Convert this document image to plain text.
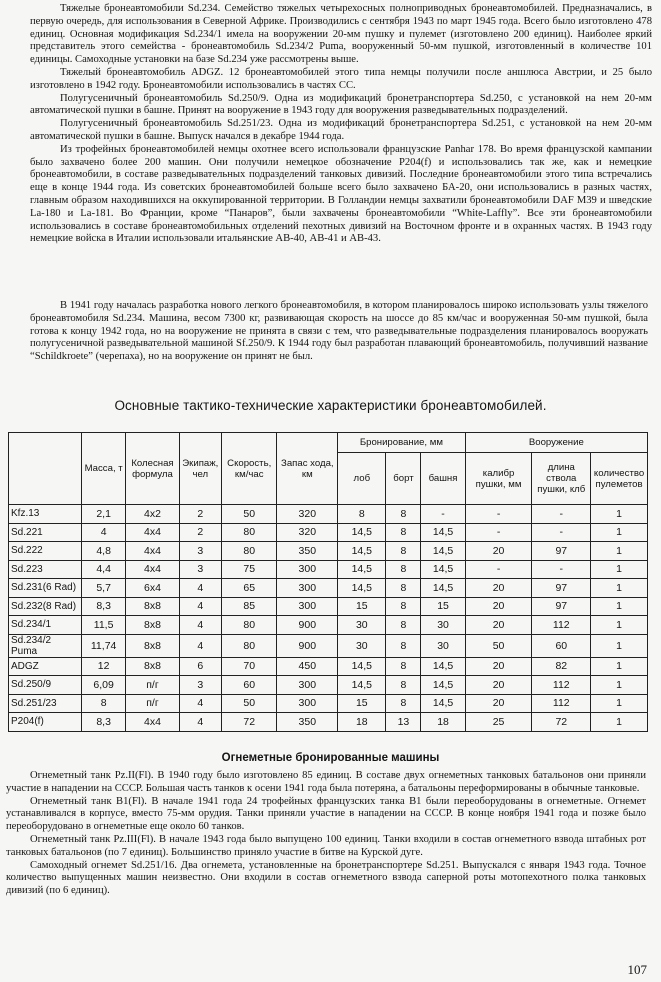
Тяжелые бронеавтомобили Sd.234. Семейство тяжелых четырехосных полноприводных бронеавтомобилей. Предназначались, в первую очередь, для использования в Северной Африке. Производились с сентября 1943 по март 1945 года. Всего было изготовлено 478 единиц. Основная модификация Sd.234/1 имела на вооружении 20-мм пушку и пулемет (изготовлено 200 единиц). Наиболее яркий представитель этого семейства - бронеавтомобиль Sd.234/2 Puma, вооруженный 50-мм пушкой, изготовленный в количестве 101 единицы. Самоходные установки на базе Sd.234 уже рассмотрены выше.

Тяжелый бронеавтомобиль ADGZ. 12 бронеавтомобилей этого типа немцы получили после аншлюса Австрии, и 25 было изготовлено в 1942 году. Бронеавтомобили использовались в частях СС.

Полугусеничный бронеавтомобиль Sd.250/9. Одна из модификаций бронетранспортера Sd.250, с установкой на нем 20-мм автоматической пушки в башне. Принят на вооружение в 1943 году для вооружения разведывательных подразделений.

Полугусеничный бронеавтомобиль Sd.251/23. Одна из модификаций бронетранспортера Sd.251, с установкой на нем 20-мм автоматической пушки в башне. Выпуск начался в декабре 1944 года.

Из трофейных бронеавтомобилей немцы охотнее всего использовали французские Panhar 178. Во время французской кампании было захвачено более 200 машин. Они получили немецкое обозначение P204(f) и использовались так же, как и немецкие бронеавтомобили, в составе разведывательных подразделений танковых дивизий. Последние бронеавтомобили этого типа встречались еще в конце 1944 года. Из советских бронеавтомобилей больше всего было захвачено БА-20, они использовались в разных частях, главным образом находившихся на оккупированной территории. В Голландии немцы захватили бронеавтомобили DAF M39 и шведские La-180 и La-181. Во Франции, кроме “Панаров”, были захвачены бронеавтомобили “White-Laffly”. Все эти бронеавтомобили использовались в составе бронеавтомобильных отделений пехотных дивизий на Восточном фронте и в охранных частях. В 1943 году немецкие войска в Италии использовали итальянские АВ-40, АВ-41 и АВ-43.

В 1941 году началась разработка нового легкого бронеавтомобиля, в котором планировалось широко использовать узлы тяжелого бронеавтомобиля Sd.234. Машина, весом 7300 кг, развивающая скорость на шоссе до 85 км/час и вооруженная 50-мм пушкой, была готова к концу 1942 года, но на вооружение не принята в связи с тем, что разведывательные подразделения планировалось вооружать полугусеничной разведывательной машиной Sf.250/9. К 1944 году был разработан плавающий бронеавтомобиль, получивший название “Schildkroete” (черепаха), но на вооружение он принят не был.

Основные тактико-технические характеристики бронеавтомобилей.
	Масса, т	Колесная формула	Экипаж, чел	Скорость, км/час	Запас хода, км	Бронирование, мм			Вооружение		
						лоб	борт	башня	калибр пушки, мм	длина ствола пушки, клб	количество пулеметов
Kfz.13	2,1	4x2	2	50	320	8	8	-	-	-	1
Sd.221	4	4x4	2	80	320	14,5	8	14,5	-	-	1
Sd.222	4,8	4x4	3	80	350	14,5	8	14,5	20	97	1
Sd.223	4,4	4x4	3	75	300	14,5	8	14,5	-	-	1
Sd.231(6 Rad)	5,7	6x4	4	65	300	14,5	8	14,5	20	97	1
Sd.232(8 Rad)	8,3	8x8	4	85	300	15	8	15	20	97	1
Sd.234/1	11,5	8x8	4	80	900	30	8	30	20	112	1
Sd.234/2 Puma	11,74	8x8	4	80	900	30	8	30	50	60	1
ADGZ	12	8x8	6	70	450	14,5	8	14,5	20	82	1
Sd.250/9	6,09	п/г	3	60	300	14,5	8	14,5	20	112	1
Sd.251/23	8	п/г	4	50	300	15	8	14,5	20	112	1
P204(f)	8,3	4x4	4	72	350	18	13	18	25	72	1
Огнеметные бронированные машины

Огнеметный танк Pz.II(Fl). В 1940 году было изготовлено 85 единиц. В составе двух огнеметных танковых батальонов они приняли участие в нападении на СССР. Большая часть танков к осени 1941 года была потеряна, а батальоны переформированы в обычные танковые.

Огнеметный танк B1(Fl). В начале 1941 года 24 трофейных французских танка B1 были переоборудованы в огнеметные. Огнемет устанавливался в корпусе, вместо 75-мм орудия. Танки приняли участие в нападении на СССР. В конце ноября 1941 года и позже было переоборудовано в огнеметные еще около 60 танков.

Огнеметный танк Pz.III(Fl). В начале 1943 года было выпущено 100 единиц. Танки входили в состав огнеметного взвода штабных рот танковых батальонов (по 7 единиц). Большинство приняло участие в битве на Курской дуге.

Самоходный огнемет Sd.251/16. Два огнемета, установленные на бронетранспортере Sd.251. Выпускался с января 1943 года. Точное количество выпущенных машин неизвестно. Они входили в состав огнеметного взвода саперной роты мотопехотного полка танковых дивизий (по 6 единиц).

107
